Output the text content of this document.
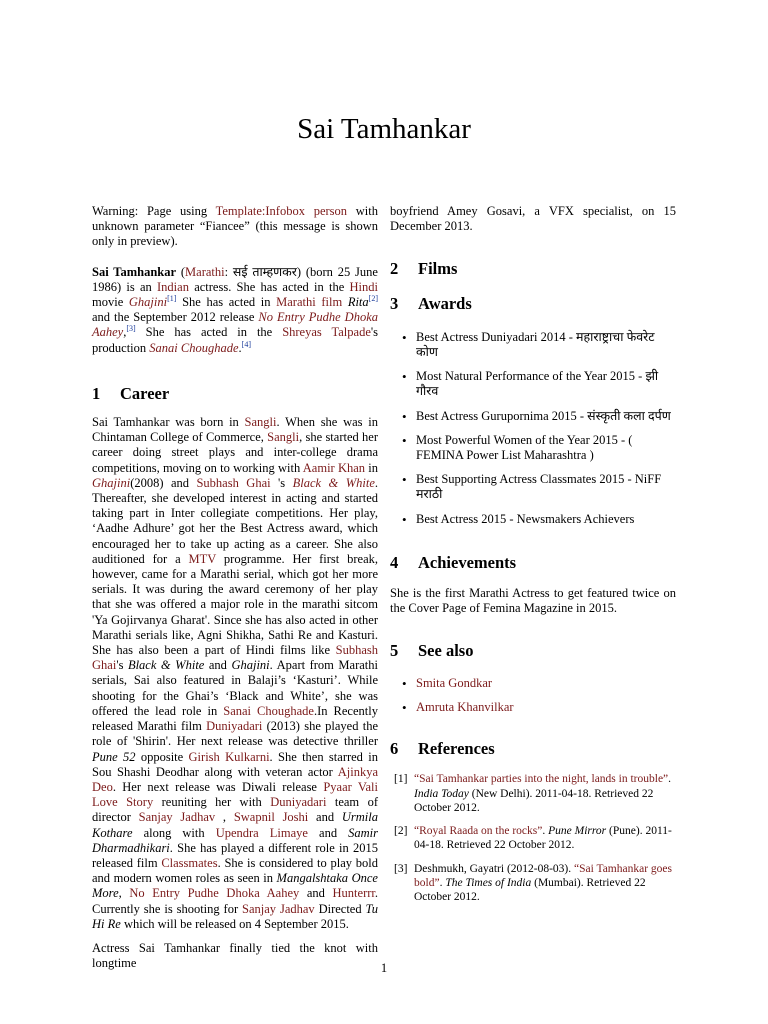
Sai Tamhankar

Warning: Page using Template:Infobox person with unknown parameter “Fiancee” (this message is shown only in preview).

Sai Tamhankar (Marathi: सई ताम्हणकर) (born 25 June 1986) is an Indian actress. She has acted in the Hindi movie Ghajini[1] She has acted in Marathi film Rita[2] and the September 2012 release No Entry Pudhe Dhoka Aahey,[3] She has acted in the Shreyas Talpade's production Sanai Choughade.[4]

1 Career

Sai Tamhankar was born in Sangli. When she was in Chintaman College of Commerce, Sangli, she started her career doing street plays and inter-college drama competitions, moving on to working with Aamir Khan in Ghajini(2008) and Subhash Ghai 's Black & White. Thereafter, she developed interest in acting and started taking part in Inter collegiate competitions. Her play, ‘Aadhe Adhure’ got her the Best Actress award, which encouraged her to take up acting as a career. She also auditioned for a MTV programme. Her first break, however, came for a Marathi serial, which got her more serials. It was during the award ceremony of her play that she was offered a major role in the marathi sitcom 'Ya Gojirvanya Gharat'. Since she has also acted in other Marathi serials like, Agni Shikha, Sathi Re and Kasturi. She has also been a part of Hindi films like Subhash Ghai's Black & White and Ghajini. Apart from Marathi serials, Sai also featured in Balaji’s ‘Kasturi’. While shooting for the Ghai’s ‘Black and White’, she was offered the lead role in Sanai Choughade.In Recently released Marathi film Duniyadari (2013) she played the role of 'Shirin'. Her next release was detective thriller Pune 52 opposite Girish Kulkarni. She then starred in Sou Shashi Deodhar along with veteran actor Ajinkya Deo. Her next release was Diwali release Pyaar Vali Love Story reuniting her with Duniyadari team of director Sanjay Jadhav , Swapnil Joshi and Urmila Kothare along with Upendra Limaye and Samir Dharmadhikari. She has played a different role in 2015 released film Classmates. She is considered to play bold and modern women roles as seen in Mangalshtaka Once More, No Entry Pudhe Dhoka Aahey and Hunterrr. Currently she is shooting for Sanjay Jadhav Directed Tu Hi Re which will be released on 4 September 2015.

Actress Sai Tamhankar finally tied the knot with longtime

boyfriend Amey Gosavi, a VFX specialist, on 15 December 2013.

2 Films
3 Awards
• Best Actress Duniyadari 2014 - महाराष्ट्राचा फेवरेट कोण
• Most Natural Performance of the Year 2015 - झी गौरव
• Best Actress Gurupornima 2015 - संस्कृती कला दर्पण
• Most Powerful Women of the Year 2015 - ( FEMINA Power List Maharashtra )
• Best Supporting Actress Classmates 2015 - NiFF मराठी
• Best Actress 2015 - Newsmakers Achievers
4 Achievements

She is the first Marathi Actress to get featured twice on the Cover Page of Femina Magazine in 2015.

5 See also
• Smita Gondkar
• Amruta Khanvilkar
6 References
[1] “Sai Tamhankar parties into the night, lands in trouble”. India Today (New Delhi). 2011-04-18. Retrieved 22 October 2012.
[2] “Royal Raada on the rocks”. Pune Mirror (Pune). 2011-04-18. Retrieved 22 October 2012.
[3] Deshmukh, Gayatri (2012-08-03). “Sai Tamhankar goes bold”. The Times of India (Mumbai). Retrieved 22 October 2012.
1
